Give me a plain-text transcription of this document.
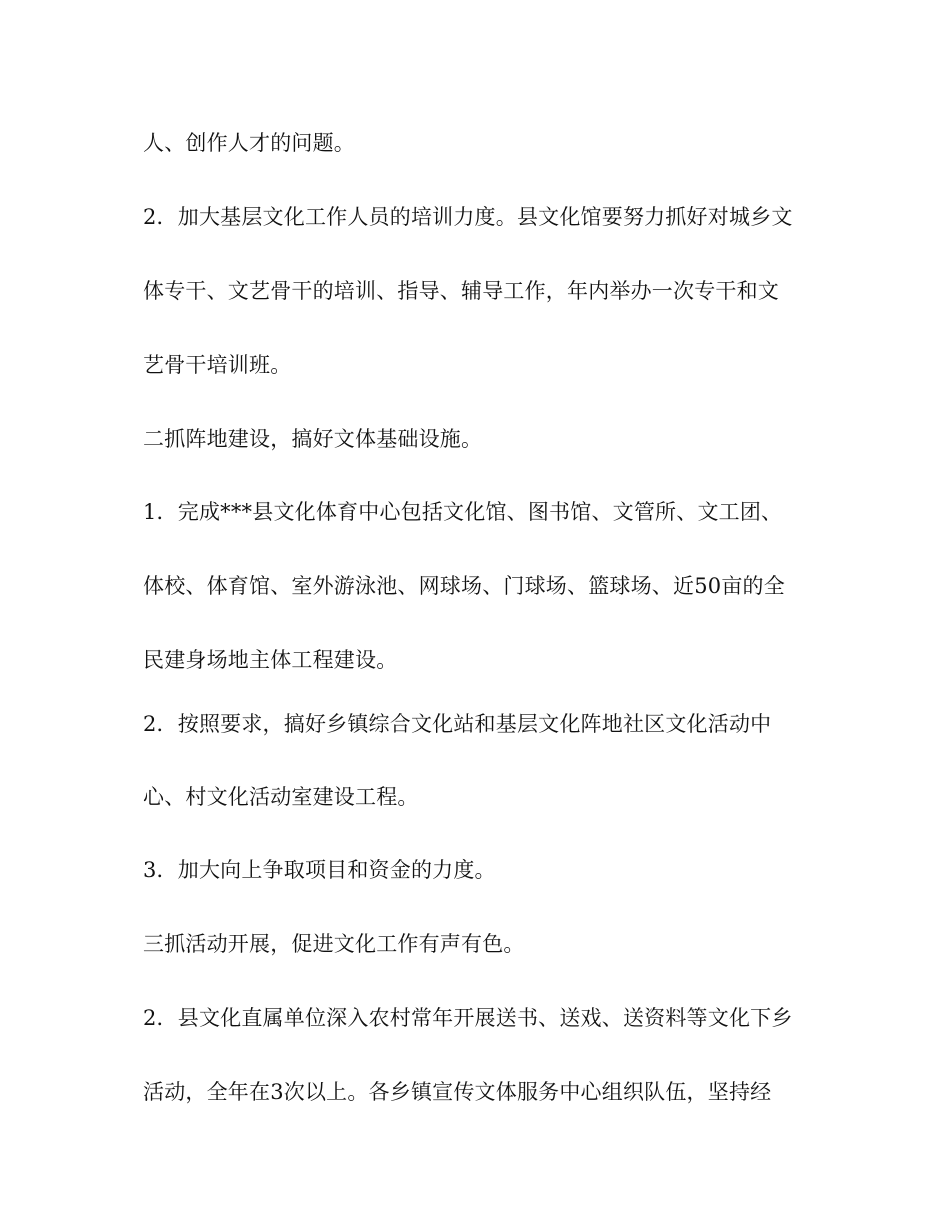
人、创作人才的问题。
2．加大基层文化工作人员的培训力度。县文化馆要努力抓好对城乡文
体专干、文艺骨干的培训、指导、辅导工作，年内举办一次专干和文
艺骨干培训班。
二抓阵地建设，搞好文体基础设施。
1．完成***县文化体育中心包括文化馆、图书馆、文管所、文工团、
体校、体育馆、室外游泳池、网球场、门球场、篮球场、近50亩的全
民建身场地主体工程建设。
2．按照要求，搞好乡镇综合文化站和基层文化阵地社区文化活动中
心、村文化活动室建设工程。
3．加大向上争取项目和资金的力度。
三抓活动开展，促进文化工作有声有色。
2．县文化直属单位深入农村常年开展送书、送戏、送资料等文化下乡
活动，全年在3次以上。各乡镇宣传文体服务中心组织队伍，坚持经
